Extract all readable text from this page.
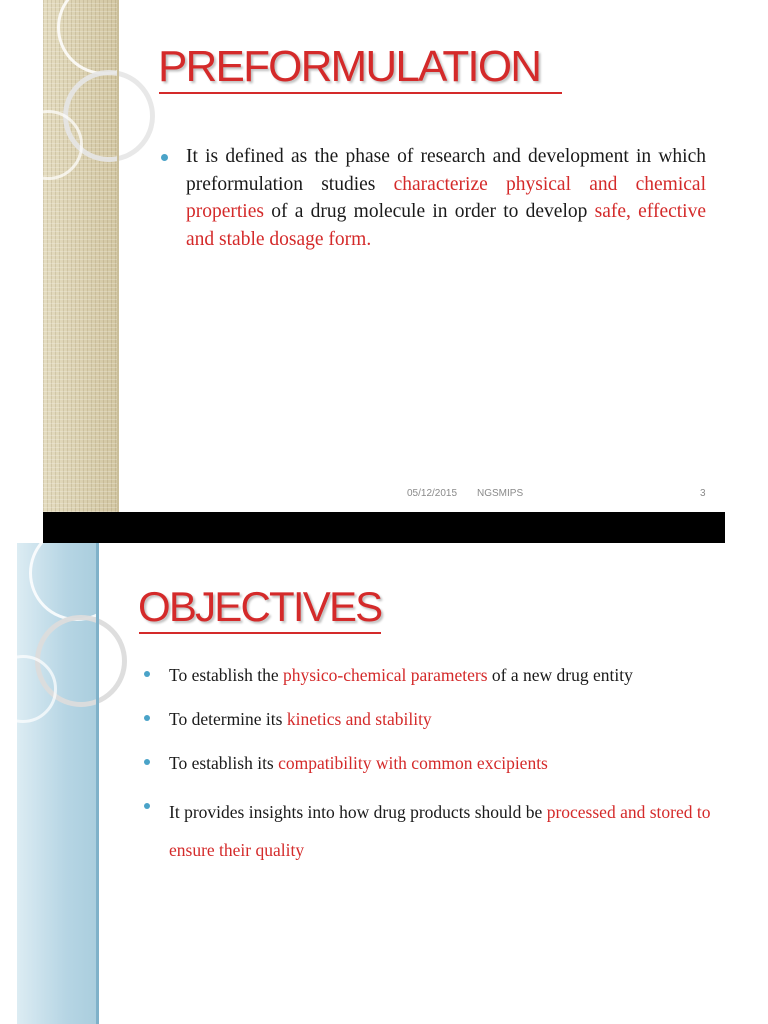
PREFORMULATION

It is defined as the phase of research and development in which preformulation studies characterize physical and chemical properties of a drug molecule in order to develop safe, effective and stable dosage form.

05/12/2015 NGSMIPS	3
OBJECTIVES

To establish the physico-chemical parameters of a new drug entity

To determine its kinetics and stability

To establish its compatibility with common excipients

It provides insights into how drug products should be processed and stored to ensure their quality
